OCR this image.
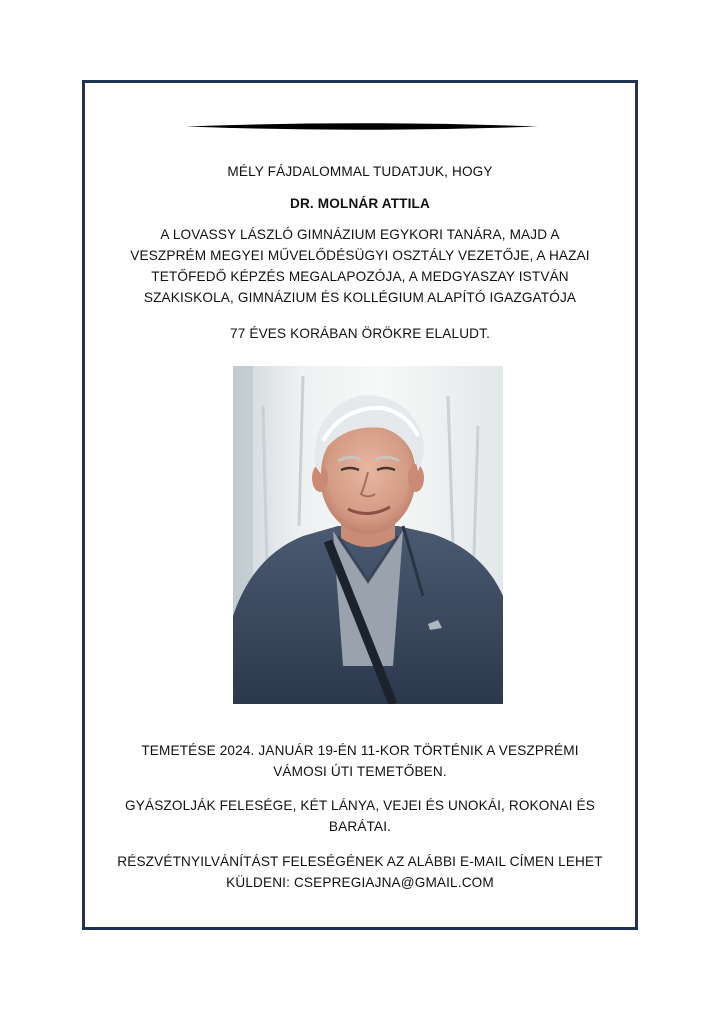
MÉLY FÁJDALOMMAL TUDATJUK, HOGY
DR. MOLNÁR ATTILA
A LOVASSY LÁSZLÓ GIMNÁZIUM EGYKORI TANÁRA, MAJD A
VESZPRÉM MEGYEI MŰVELŐDÉSÜGYI OSZTÁLY VEZETŐJE, A HAZAI
TETŐFEDŐ KÉPZÉS MEGALAPOZÓJA, A MEDGYASZAY ISTVÁN
SZAKISKOLA, GIMNÁZIUM ÉS KOLLÉGIUM ALAPÍTÓ IGAZGATÓJA
77 ÉVES KORÁBAN ÖRÖKRE ELALUDT.
TEMETÉSE 2024. JANUÁR 19-ÉN 11-KOR TÖRTÉNIK A VESZPRÉMI
VÁMOSI ÚTI TEMETŐBEN.
GYÁSZOLJÁK FELESÉGE, KÉT LÁNYA, VEJEI ÉS UNOKÁI, ROKONAI ÉS
BARÁTAI.
RÉSZVÉTNYILVÁNÍTÁST FELESÉGÉNEK AZ ALÁBBI E-MAIL CÍMEN LEHET
KÜLDENI: CSEPREGIAJNA@GMAIL.COM
